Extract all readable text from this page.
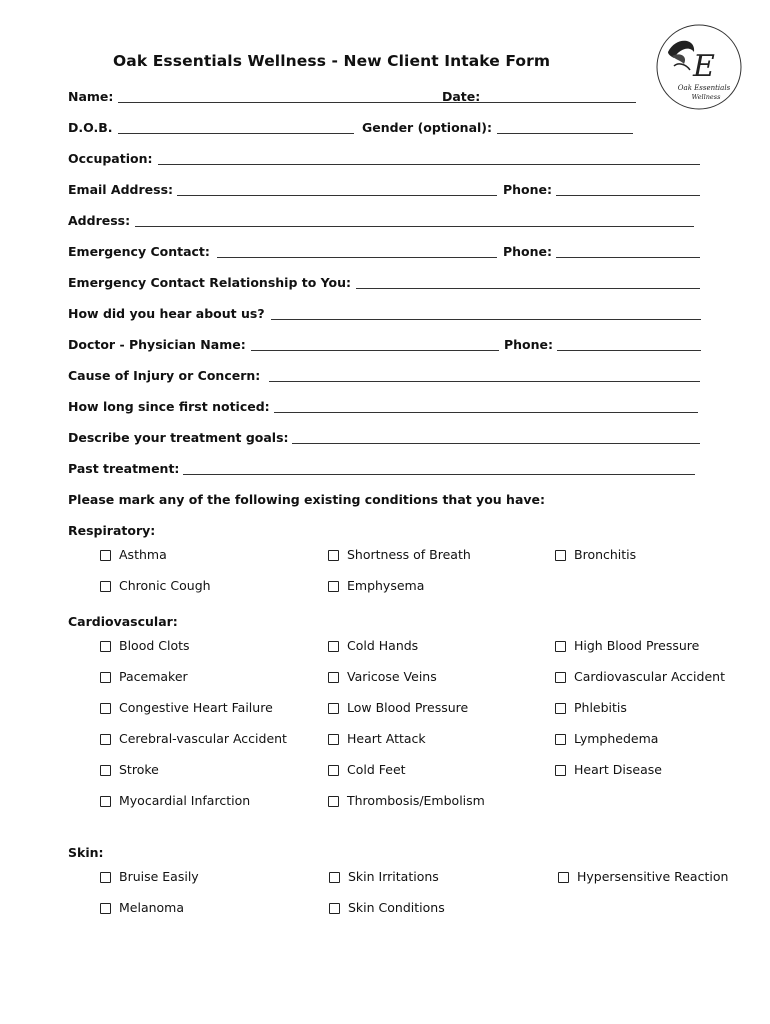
Oak Essentials Wellness - New Client Intake Form	E
Oak Essentials
Wellness
Name:	Date:
D.O.B.	Gender (optional):
Occupation:
Email Address:	Phone:
Address:
Emergency Contact:	Phone:
Emergency Contact Relationship to You:
How did you hear about us?
Doctor - Physician Name:	Phone:
Cause of Injury or Concern:
How long since first noticed:
Describe your treatment goals:
Past treatment:
Please mark any of the following existing conditions that you have:
Respiratory:
Asthma	Shortness of Breath	Bronchitis
Chronic Cough	Emphysema
Cardiovascular:
Blood Clots	Cold Hands	High Blood Pressure
Pacemaker	Varicose Veins	Cardiovascular Accident
Congestive Heart Failure	Low Blood Pressure	Phlebitis
Cerebral-vascular Accident	Heart Attack	Lymphedema
Stroke	Cold Feet	Heart Disease
Myocardial Infarction	Thrombosis/Embolism
Skin:
Bruise Easily	Skin Irritations	Hypersensitive Reaction
Melanoma	Skin Conditions
